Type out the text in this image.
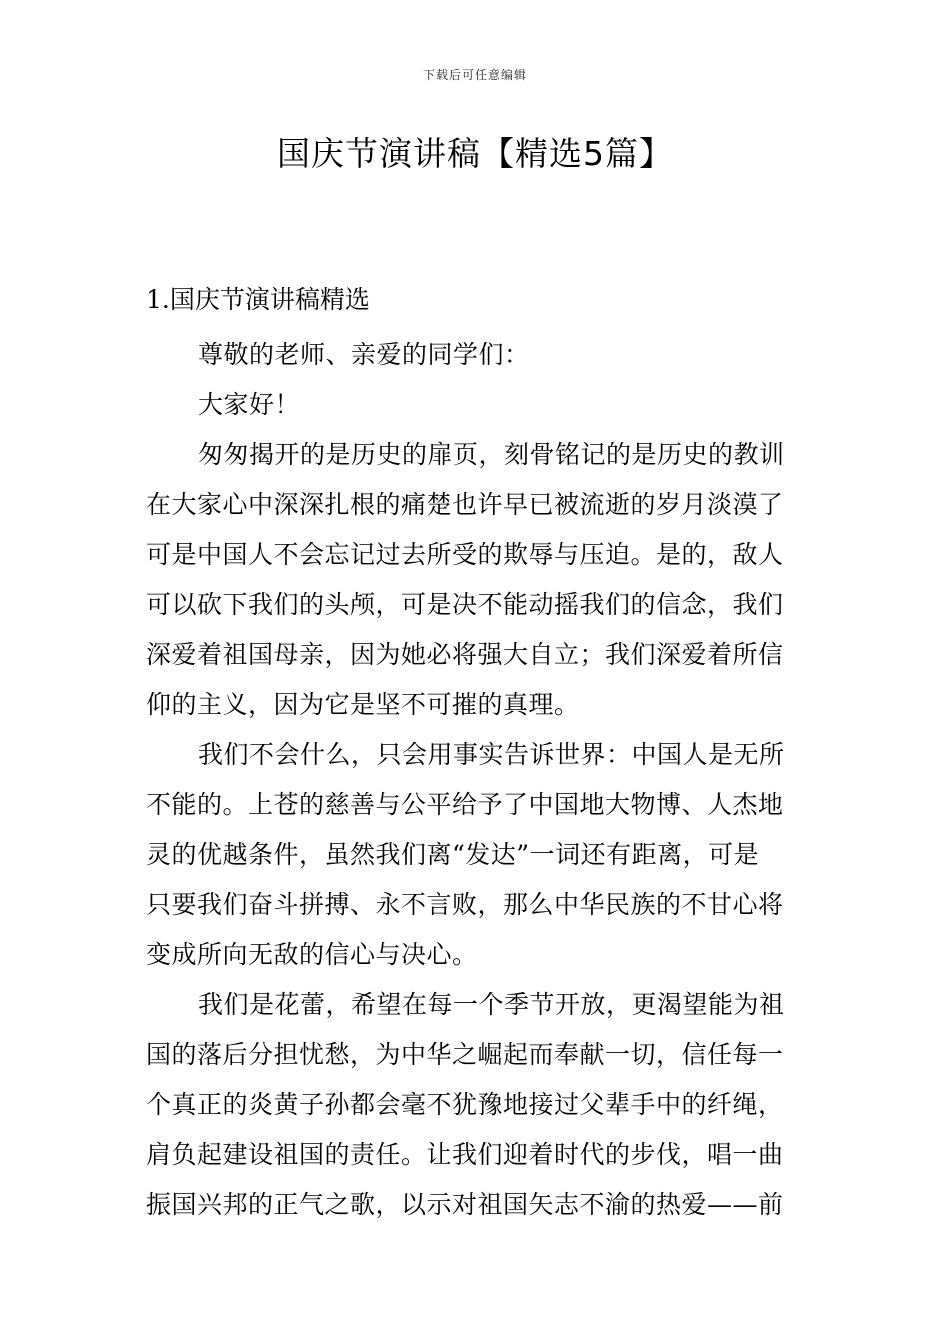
下载后可任意编辑
国庆节演讲稿【精选5篇】
1.国庆节演讲稿精选
尊敬的老师、亲爱的同学们：
大家好！
匆匆揭开的是历史的扉页，刻骨铭记的是历史的教训
在大家心中深深扎根的痛楚也许早已被流逝的岁月淡漠了
可是中国人不会忘记过去所受的欺辱与压迫。是的，敌人
可以砍下我们的头颅，可是决不能动摇我们的信念，我们
深爱着祖国母亲，因为她必将强大自立；我们深爱着所信
仰的主义，因为它是坚不可摧的真理。
我们不会什么，只会用事实告诉世界：中国人是无所
不能的。上苍的慈善与公平给予了中国地大物博、人杰地
灵的优越条件，虽然我们离“发达”一词还有距离，可是
只要我们奋斗拼搏、永不言败，那么中华民族的不甘心将
变成所向无敌的信心与决心。
我们是花蕾，希望在每一个季节开放，更渴望能为祖
国的落后分担忧愁，为中华之崛起而奉献一切，信任每一
个真正的炎黄子孙都会毫不犹豫地接过父辈手中的纤绳，
肩负起建设祖国的责任。让我们迎着时代的步伐，唱一曲
振国兴邦的正气之歌，以示对祖国矢志不渝的热爱——前
